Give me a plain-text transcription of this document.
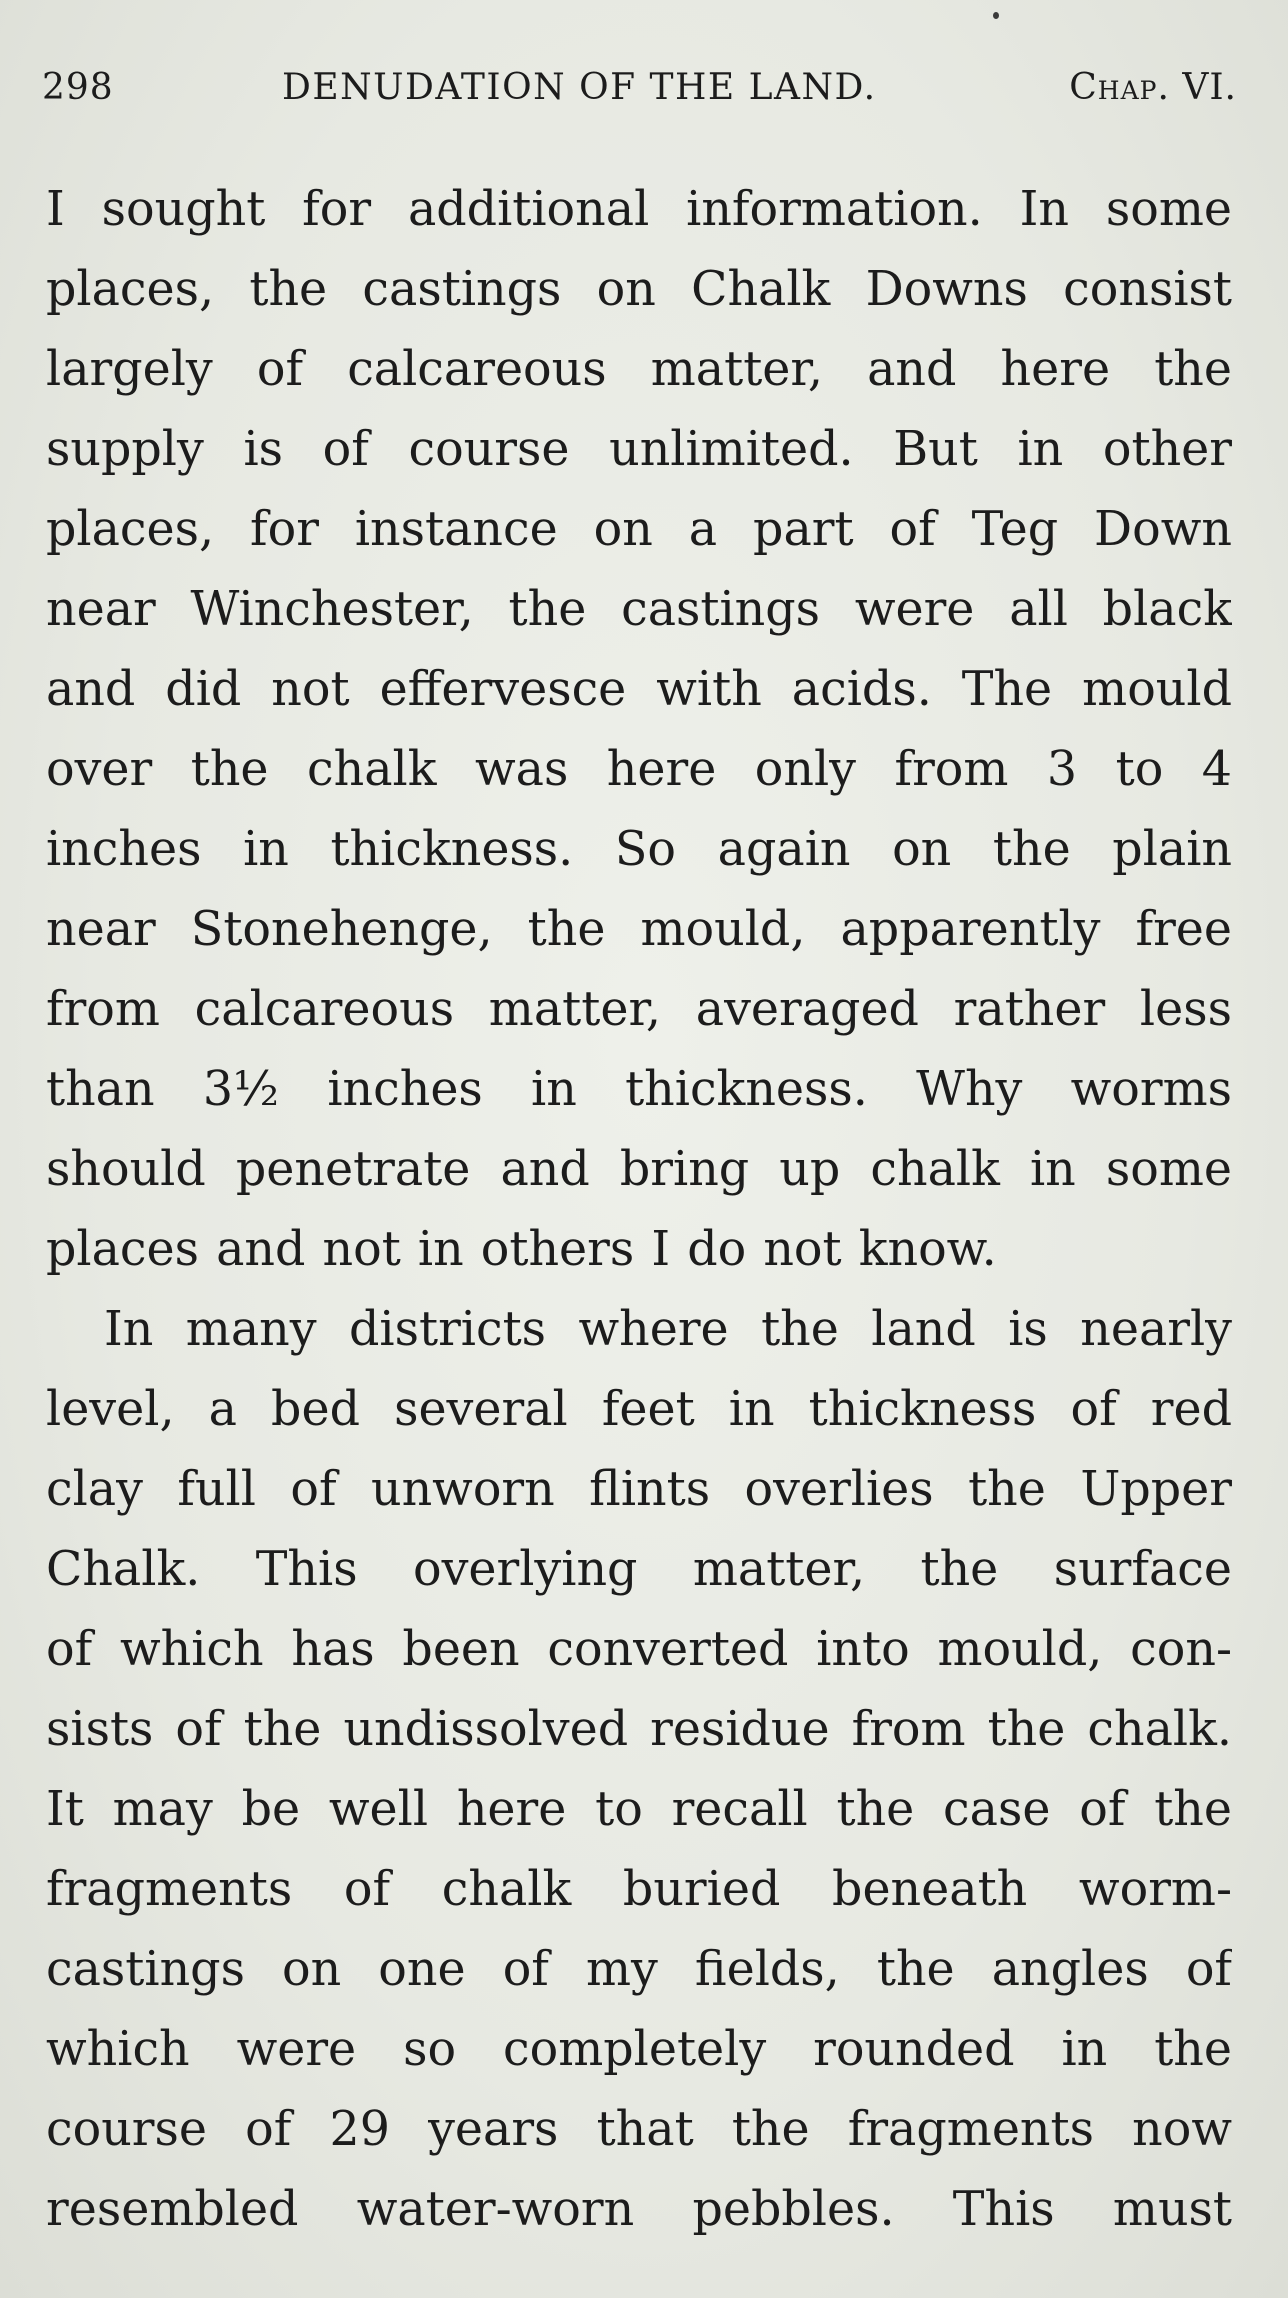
298	DENUDATION OF THE LAND.	Chap. VI.
I sought for additional information. In some
places, the castings on Chalk Downs consist
largely of calcareous matter, and here the
supply is of course unlimited. But in other
places, for instance on a part of Teg Down
near Winchester, the castings were all black
and did not effervesce with acids. The mould
over the chalk was here only from 3 to 4
inches in thickness. So again on the plain
near Stonehenge, the mould, apparently free
from calcareous matter, averaged rather less
than 3½ inches in thickness. Why worms
should penetrate and bring up chalk in some
places and not in others I do not know.
In many districts where the land is nearly
level, a bed several feet in thickness of red
clay full of unworn flints overlies the Upper
Chalk. This overlying matter, the surface
of which has been converted into mould, con-
sists of the undissolved residue from the chalk.
It may be well here to recall the case of the
fragments of chalk buried beneath worm-
castings on one of my fields, the angles of
which were so completely rounded in the
course of 29 years that the fragments now
resembled water-worn pebbles. This must
